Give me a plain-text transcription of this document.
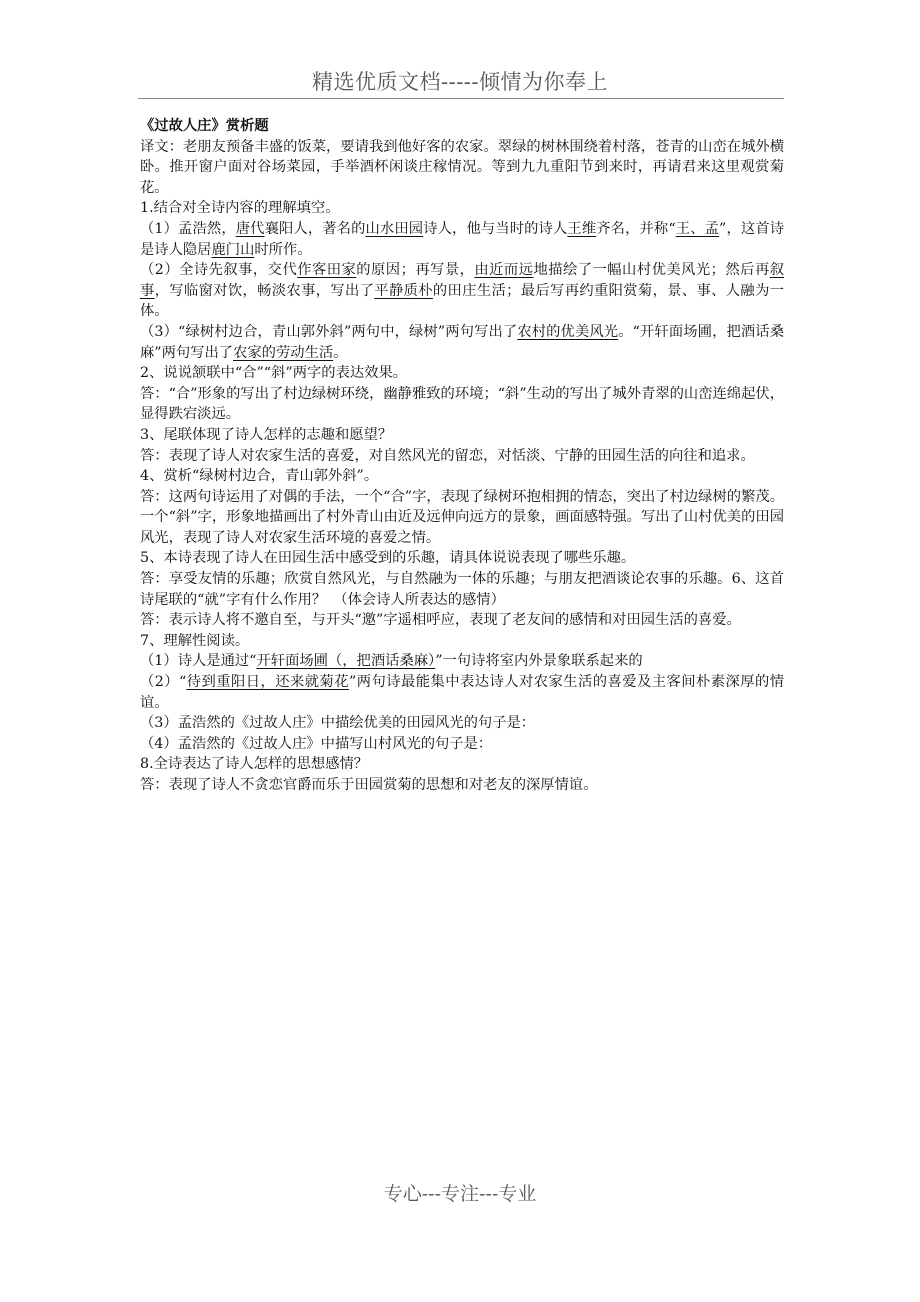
精选优质文档-----倾情为你奉上

《过故人庄》赏析题

译文：老朋友预备丰盛的饭菜，要请我到他好客的农家。翠绿的树林围绕着村落，苍青的山峦在城外横卧。推开窗户面对谷场菜园，手举酒杯闲谈庄稼情况。等到九九重阳节到来时，再请君来这里观赏菊花。

1.结合对全诗内容的理解填空。

（1）孟浩然，唐代襄阳人，著名的山水田园诗人，他与当时的诗人王维齐名，并称“王、孟”，这首诗是诗人隐居鹿门山时所作。

（2）全诗先叙事，交代作客田家的原因；再写景，由近而远地描绘了一幅山村优美风光；然后再叙事，写临窗对饮，畅淡农事，写出了平静质朴的田庄生活；最后写再约重阳赏菊，景、事、人融为一体。

（3）“绿树村边合，青山郭外斜”两句中，绿树”两句写出了农村的优美风光。“开轩面场圃，把酒话桑麻”两句写出了农家的劳动生活。

2、说说颔联中“合”“斜”两字的表达效果。

答：“合”形象的写出了村边绿树环绕，幽静雅致的环境；“斜”生动的写出了城外青翠的山峦连绵起伏，显得跌宕淡远。

3、尾联体现了诗人怎样的志趣和愿望？

答：表现了诗人对农家生活的喜爱，对自然风光的留恋，对恬淡、宁静的田园生活的向往和追求。

4、赏析“绿树村边合，青山郭外斜”。

答：这两句诗运用了对偶的手法，一个“合”字，表现了绿树环抱相拥的情态，突出了村边绿树的繁茂。一个“斜”字，形象地描画出了村外青山由近及远伸向远方的景象，画面感特强。写出了山村优美的田园风光，表现了诗人对农家生活环境的喜爱之情。

5、本诗表现了诗人在田园生活中感受到的乐趣，请具体说说表现了哪些乐趣。

答：享受友情的乐趣；欣赏自然风光，与自然融为一体的乐趣；与朋友把酒谈论农事的乐趣。6、这首诗尾联的“就”字有什么作用？　（体会诗人所表达的感情）

答：表示诗人将不邀自至，与开头“邀”字遥相呼应，表现了老友间的感情和对田园生活的喜爱。

7、理解性阅读。

（1）诗人是通过“开轩面场圃（，把酒话桑麻）”一句诗将室内外景象联系起来的

（2）“待到重阳日，还来就菊花”两句诗最能集中表达诗人对农家生活的喜爱及主客间朴素深厚的情谊。

（3）孟浩然的《过故人庄》中描绘优美的田园风光的句子是：

（4）孟浩然的《过故人庄》中描写山村风光的句子是：

8.全诗表达了诗人怎样的思想感情？

答：表现了诗人不贪恋官爵而乐于田园赏菊的思想和对老友的深厚情谊。

专心---专注---专业
